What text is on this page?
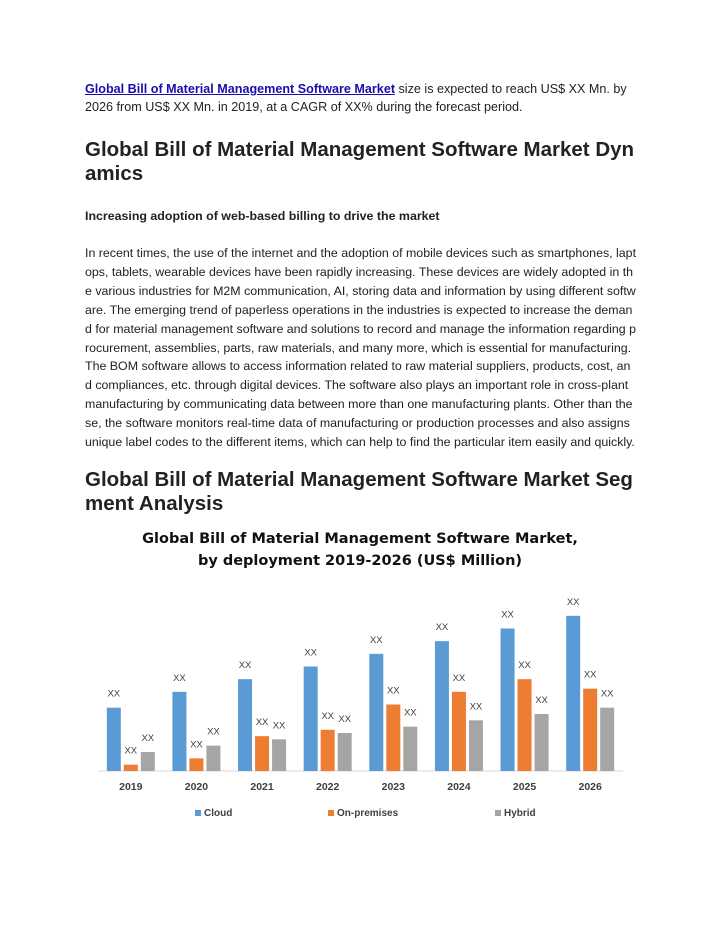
Global Bill of Material Management Software Market size is expected to reach US$ XX Mn. by 2026 from US$ XX Mn. in 2019, at a CAGR of XX% during the forecast period.

Global Bill of Material Management Software Market Dynamics

Increasing adoption of web-based billing to drive the market

In recent times, the use of the internet and the adoption of mobile devices such as smartphones, laptops, tablets, wearable devices have been rapidly increasing. These devices are widely adopted in the various industries for M2M communication, AI, storing data and information by using different software. The emerging trend of paperless operations in the industries is expected to increase the demand for material management software and solutions to record and manage the information regarding procurement, assemblies, parts, raw materials, and many more, which is essential for manufacturing. The BOM software allows to access information related to raw material suppliers, products, cost, and compliances, etc. through digital devices. The software also plays an important role in cross-plant manufacturing by communicating data between more than one manufacturing plants. Other than these, the software monitors real-time data of manufacturing or production processes and also assigns unique label codes to the different items, which can help to find the particular item easily and quickly.

Global Bill of Material Management Software Market Segment Analysis
Global Bill of Material Management Software Market,
by deployment 2019-2026 (US$ Million)
XX
XX
XX
2019
XX
XX
XX
2020
XX
XX XX
2021
XX
XX XX
2022
XX
XX
XX
2023
XX
XX
XX
2024
XX
XX
XX
2025
XX
XX
XX
2026
Cloud	On-premises	Hybrid
